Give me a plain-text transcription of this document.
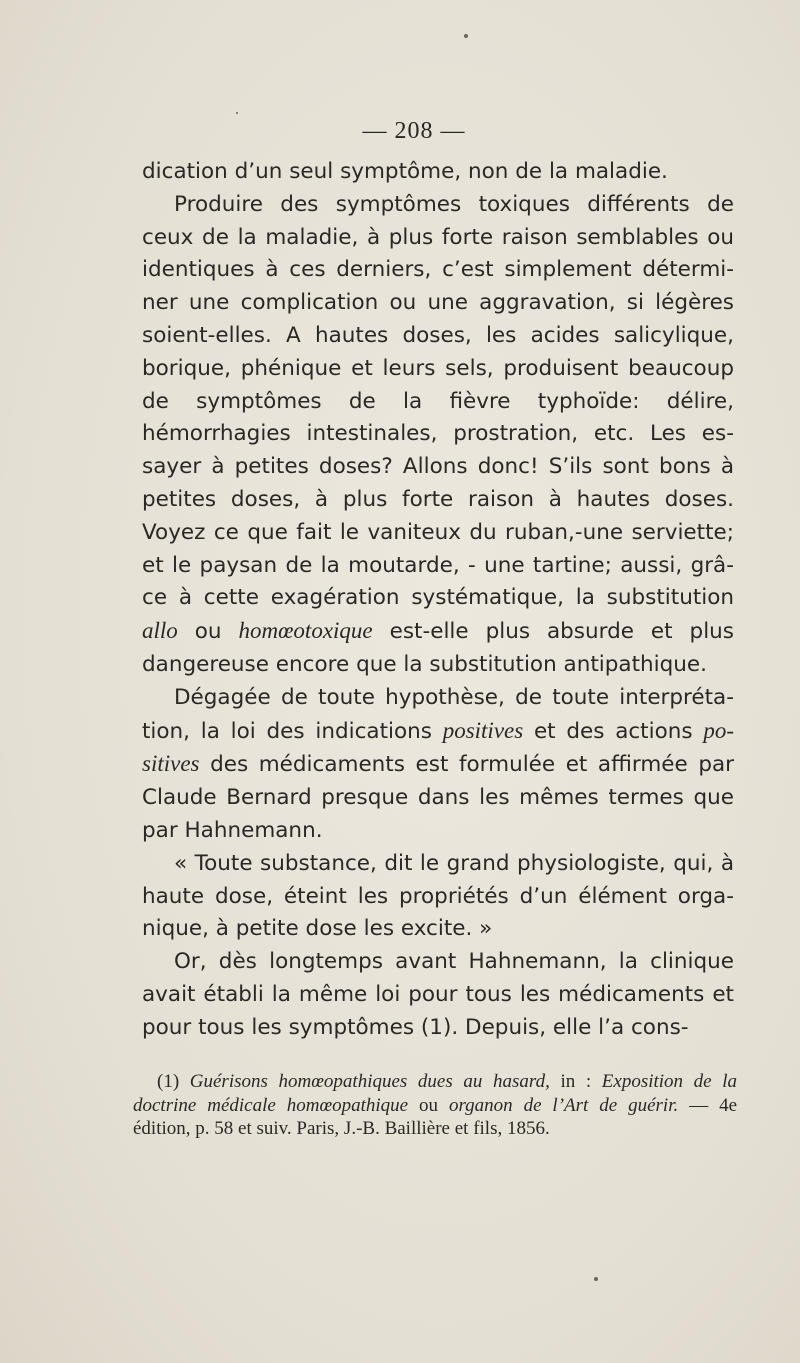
— 208 —

dication d’un seul symptôme, non de la maladie.

Produire des symptômes toxiques différents de ceux de la maladie, à plus forte raison semblables ou identiques à ces derniers, c’est simplement déterminer une complication ou une aggravation, si légères soient-elles. A hautes doses, les acides salicylique, borique, phénique et leurs sels, produisent beaucoup de symptômes de la fièvre typhoïde: délire, hémorrhagies intestinales, prostration, etc. Les essayer à petites doses? Allons donc! S’ils sont bons à petites doses, à plus forte raison à hautes doses. Voyez ce que fait le vaniteux du ruban,-une serviette; et le paysan de la moutarde, - une tartine; aussi, grâce à cette exagération systématique, la substitution allo ou homœotoxique est-elle plus absurde et plus dangereuse encore que la substitution antipathique.

Dégagée de toute hypothèse, de toute interprétation, la loi des indications positives et des actions positives des médicaments est formulée et affirmée par Claude Bernard presque dans les mêmes termes que par Hahnemann.

« Toute substance, dit le grand physiologiste, qui, à haute dose, éteint les propriétés d’un élément organique, à petite dose les excite. »

Or, dès longtemps avant Hahnemann, la clinique avait établi la même loi pour tous les médicaments et pour tous les symptômes (1). Depuis, elle l’a cons-

(1) Guérisons homœopathiques dues au hasard, in : Exposition de la doctrine médicale homœopathique ou organon de l’Art de guérir. — 4e édition, p. 58 et suiv. Paris, J.-B. Baillière et fils, 1856.
